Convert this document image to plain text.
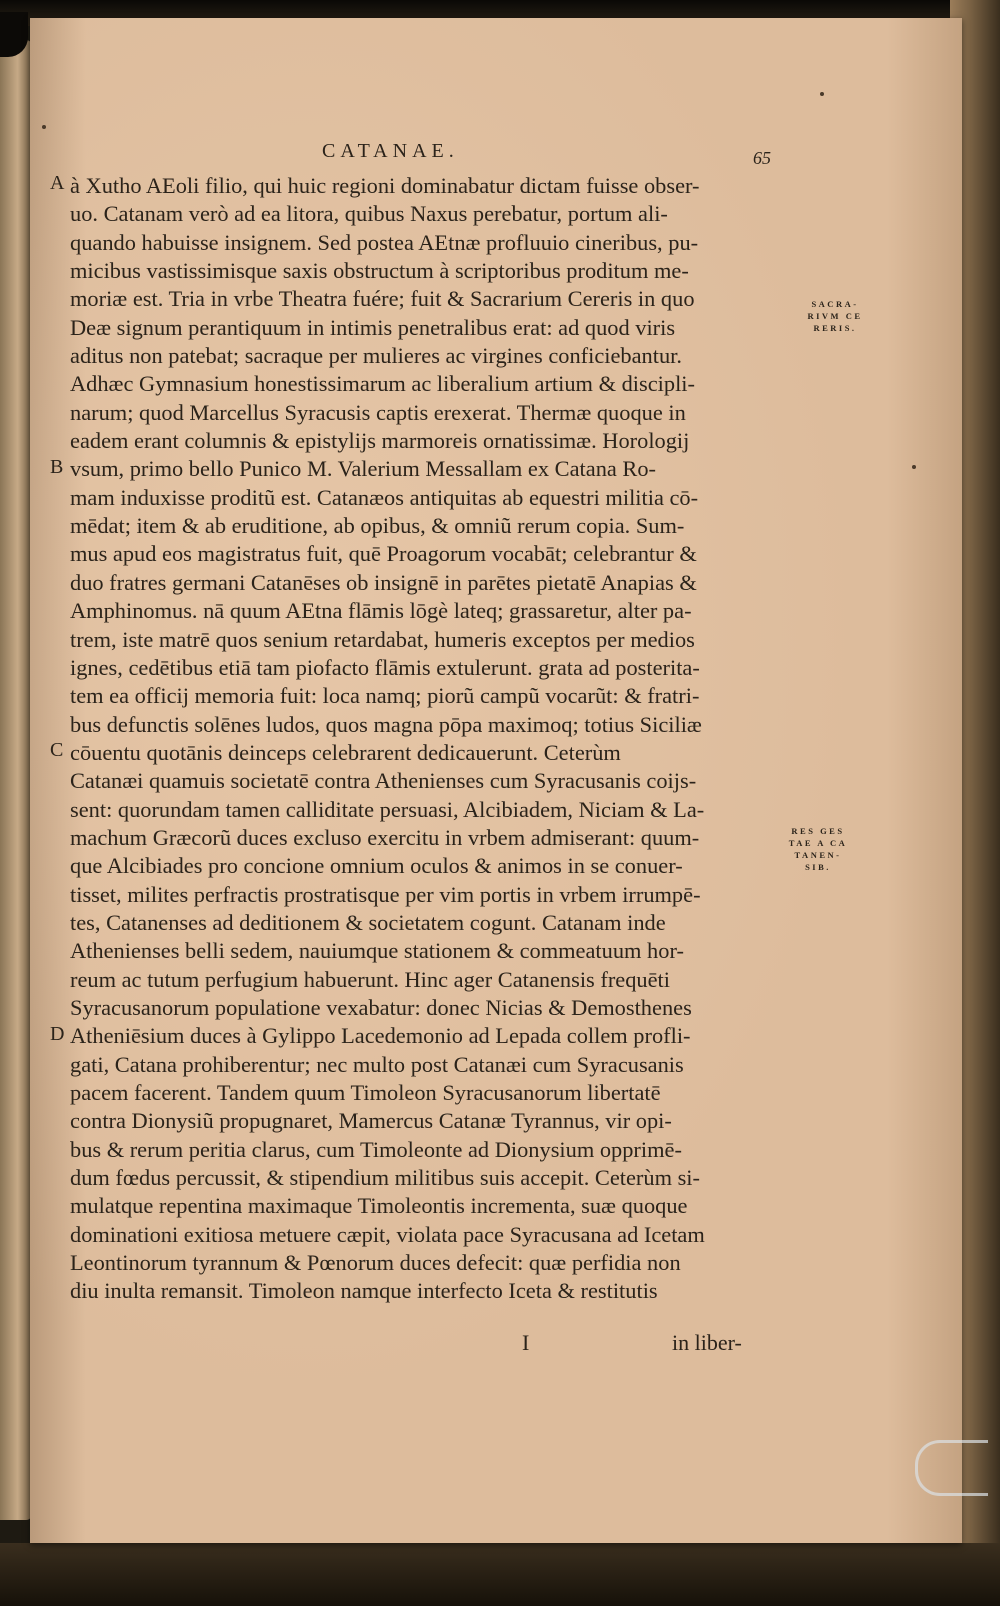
CATANAE.	65
A
B
C
D
à Xutho AEoli filio, qui huic regioni dominabatur dictam fuisse obser-
uo. Catanam verò ad ea litora, quibus Naxus perebatur, portum ali-
quando habuisse insignem. Sed postea AEtnæ profluuio cineribus, pu-
micibus vastissimisque saxis obstructum à scriptoribus proditum me-
moriæ est. Tria in vrbe Theatra fuére; fuit & Sacrarium Cereris in quo
Deæ signum perantiquum in intimis penetralibus erat: ad quod viris
aditus non patebat; sacraque per mulieres ac virgines conficiebantur.
Adhæc Gymnasium honestissimarum ac liberalium artium & discipli-
narum; quod Marcellus Syracusis captis erexerat. Thermæ quoque in
eadem erant columnis & epistylijs marmoreis ornatissimæ. Horologij
vsum, primo bello Punico M. Valerium Messallam ex Catana Ro-
mam induxisse proditũ est. Catanæos antiquitas ab equestri militia cō-
mēdat; item & ab eruditione, ab opibus, & omniũ rerum copia. Sum-
mus apud eos magistratus fuit, quē Proagorum vocabāt; celebrantur &
duo fratres germani Catanēses ob insignē in parētes pietatē Anapias &
Amphinomus. nā quum AEtna flāmis lōgè lateq; grassaretur, alter pa-
trem, iste matrē quos senium retardabat, humeris exceptos per medios
ignes, cedētibus etiā tam piofacto flāmis extulerunt. grata ad posterita-
tem ea officij memoria fuit: loca namq; piorũ campũ vocarũt: & fratri-
bus defunctis solēnes ludos, quos magna pōpa maximoq; totius Siciliæ
cōuentu quotānis deinceps celebrarent dedicauerunt. Ceterùm
Catanæi quamuis societatē contra Athenienses cum Syracusanis coijs-
sent: quorundam tamen calliditate persuasi, Alcibiadem, Niciam & La-
machum Græcorũ duces excluso exercitu in vrbem admiserant: quum-
que Alcibiades pro concione omnium oculos & animos in se conuer-
tisset, milites perfractis prostratisque per vim portis in vrbem irrumpē-
tes, Catanenses ad deditionem & societatem cogunt. Catanam inde
Athenienses belli sedem, nauiumque stationem & commeatuum hor-
reum ac tutum perfugium habuerunt. Hinc ager Catanensis frequēti
Syracusanorum populatione vexabatur: donec Nicias & Demosthenes
Atheniēsium duces à Gylippo Lacedemonio ad Lepada collem profli-
gati, Catana prohiberentur; nec multo post Catanæi cum Syracusanis
pacem facerent. Tandem quum Timoleon Syracusanorum libertatē
contra Dionysiũ propugnaret, Mamercus Catanæ Tyrannus, vir opi-
bus & rerum peritia clarus, cum Timoleonte ad Dionysium opprimē-
dum fœdus percussit, & stipendium militibus suis accepit. Ceterùm si-
mulatque repentina maximaque Timoleontis incrementa, suæ quoque
dominationi exitiosa metuere cæpit, violata pace Syracusana ad Icetam
Leontinorum tyrannum & Pœnorum duces defecit: quæ perfidia non
diu inulta remansit. Timoleon namque interfecto Iceta & restitutis
SACRA-
RIVM CE
RERIS.
RES GES
TAE A CA
TANEN-
SIB.
I	in liber-
